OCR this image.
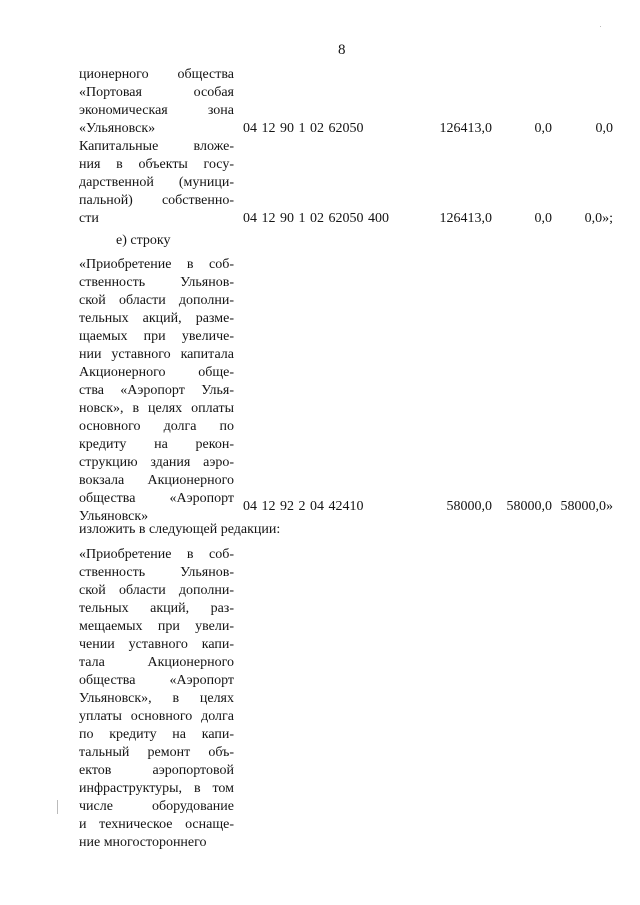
8
ционерного общества
«Портовая особая
экономическая зона
«Ульяновск»	04 12 90 1 02 62050	126413,0	0,0	0,0
Капитальные вложе-
ния в объекты госу-
дарственной (муници-
пальной) собственно-
сти	04 12 90 1 02 62050 400	126413,0	0,0 0,0»;
е) строку
«Приобретение в соб-
ственность Ульянов-
ской области дополни-
тельных акций, разме-
щаемых при увеличе-
нии уставного капитала
Акционерного обще-
ства «Аэропорт Улья-
новск», в целях оплаты
основного долга по
кредиту на рекон-
струкцию здания аэро-
вокзала Акционерного
общества «Аэропорт
Ульяновск»
04 12 92 2 04 42410	58000,0 58000,0 58000,0»
изложить в следующей редакции:
«Приобретение в соб-
ственность Ульянов-
ской области дополни-
тельных акций, раз-
мещаемых при увели-
чении уставного капи-
тала Акционерного
общества «Аэропорт
Ульяновск», в целях
уплаты основного долга
по кредиту на капи-
тальный ремонт объ-
ектов аэропортовой
инфраструктуры, в том
числе оборудование
и техническое оснаще-
ние многостороннего
